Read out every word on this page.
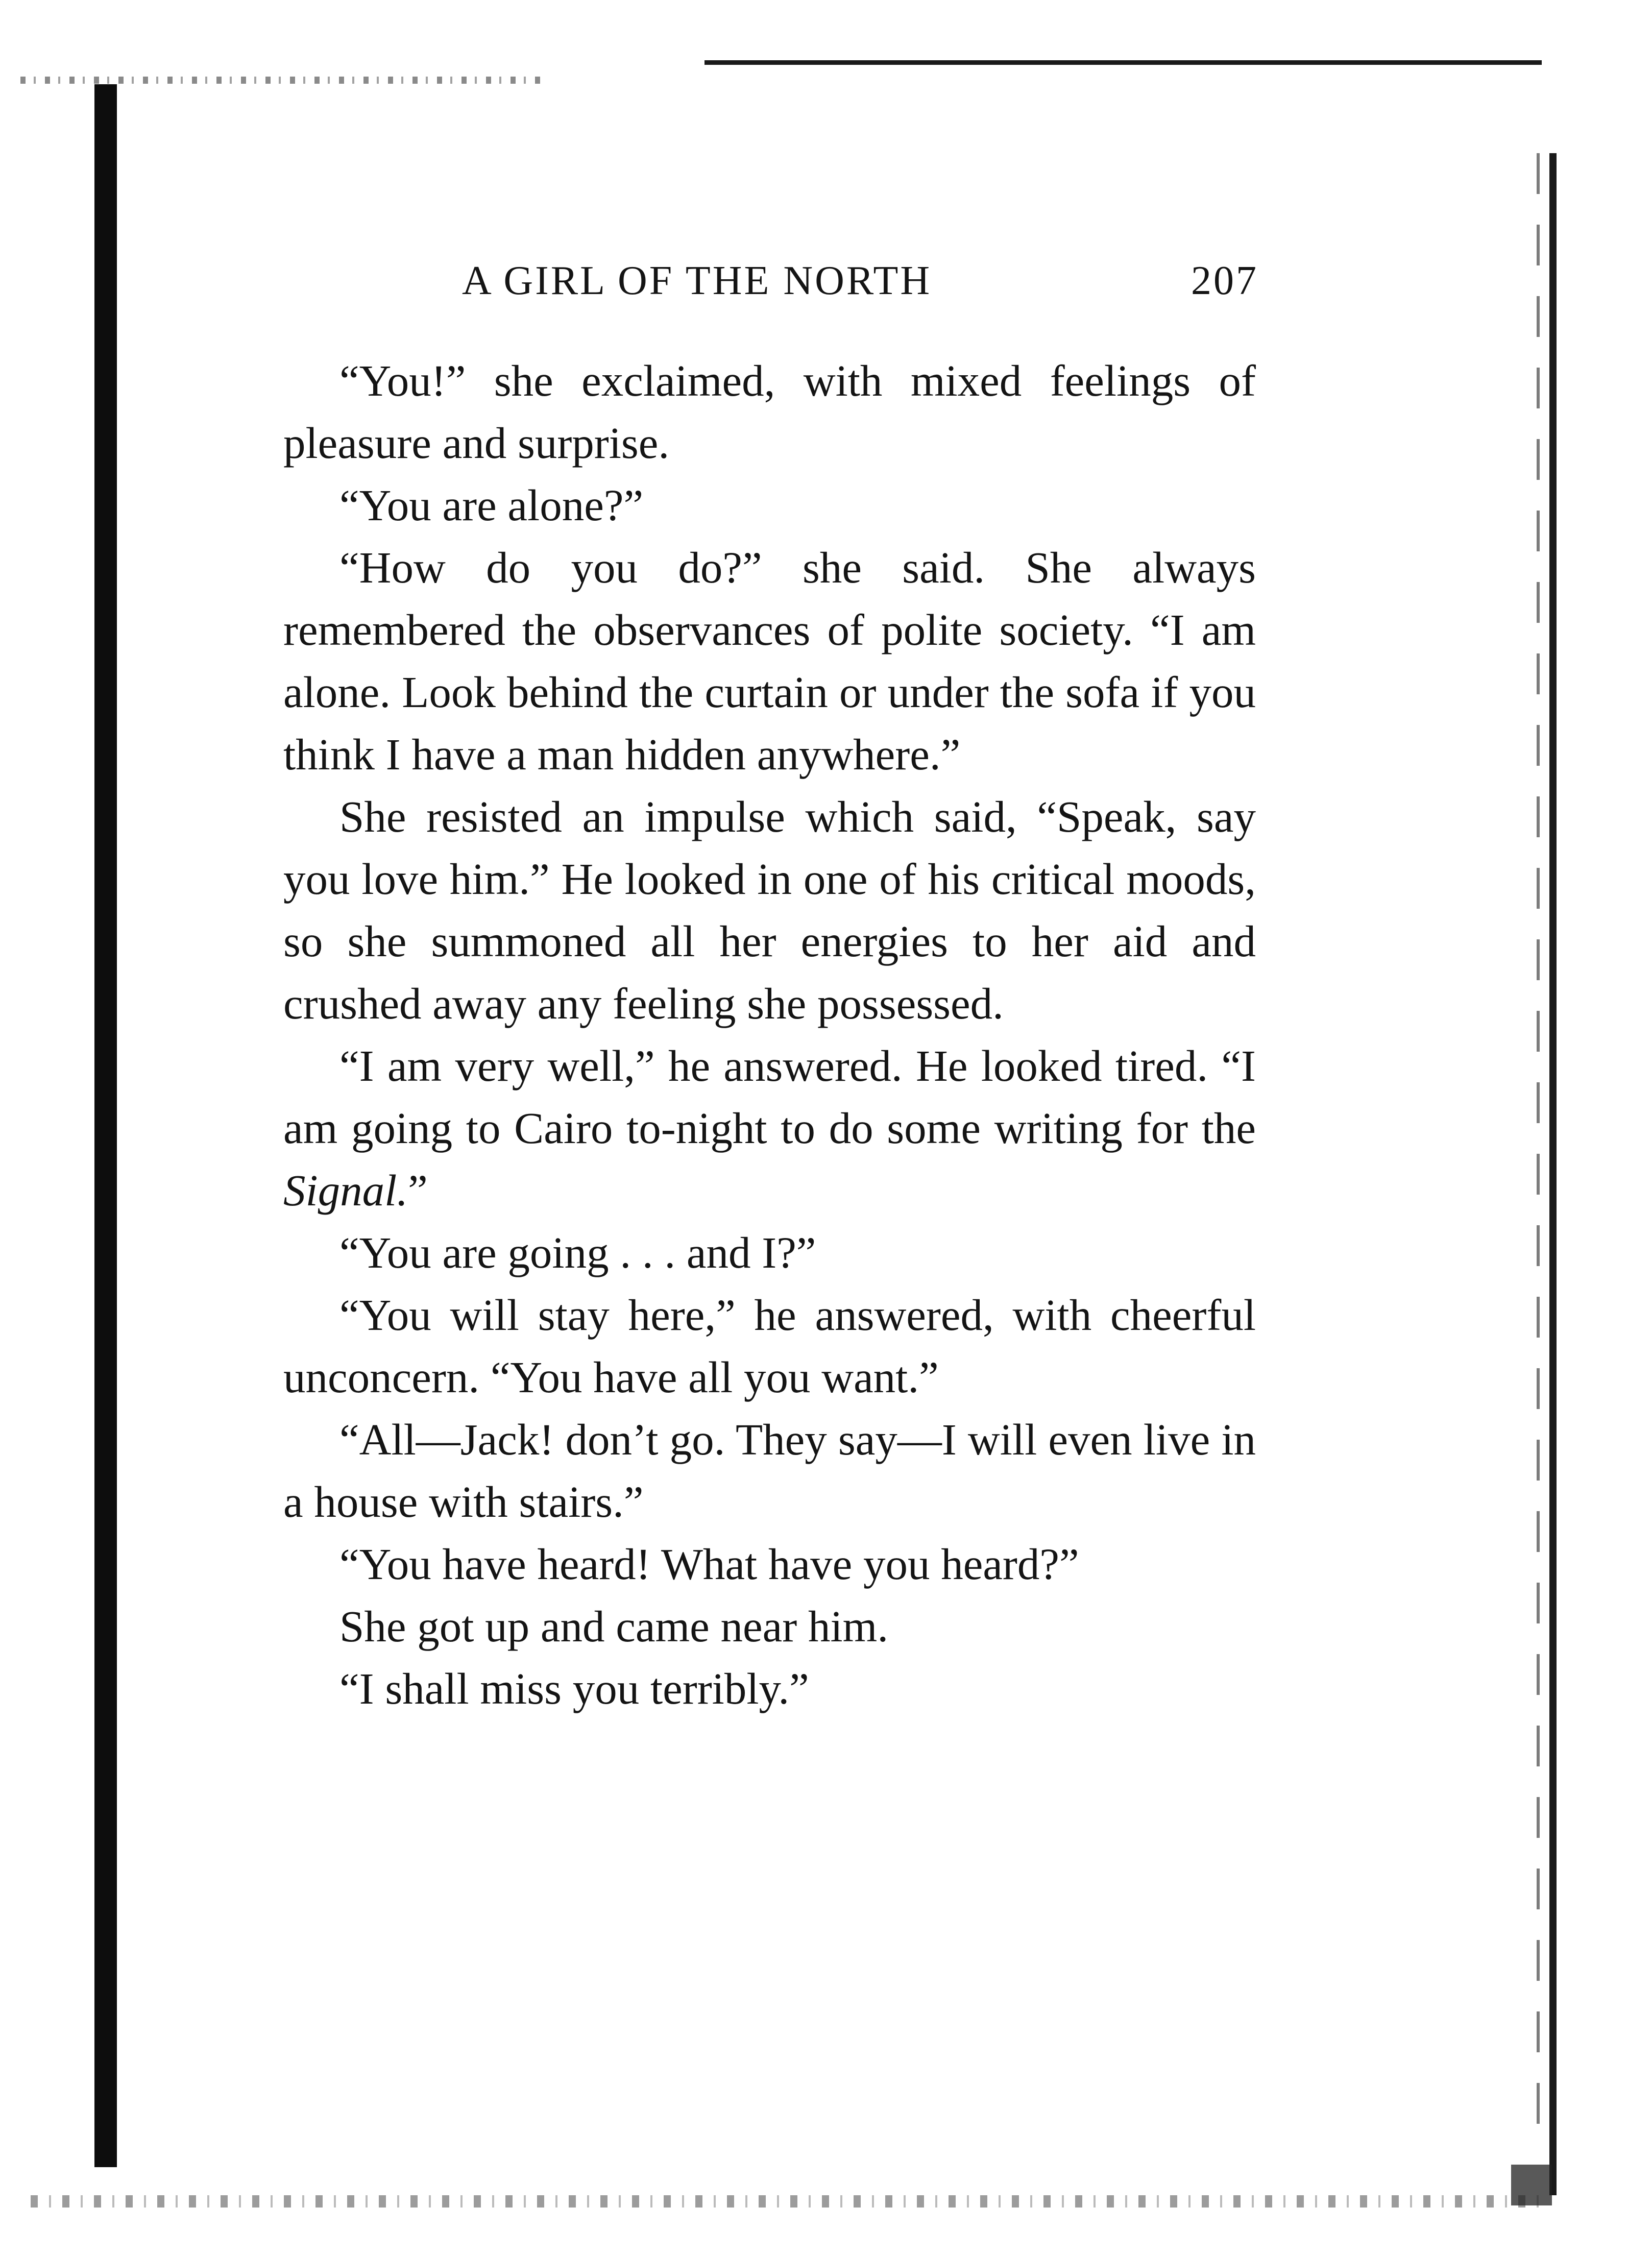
A GIRL OF THE NORTH	207

“You!” she exclaimed, with mixed feelings of pleasure and surprise.

“You are alone?”

“How do you do?” she said. She always remembered the observances of polite society. “I am alone. Look behind the curtain or under the sofa if you think I have a man hidden anywhere.”

She resisted an impulse which said, “Speak, say you love him.” He looked in one of his critical moods, so she summoned all her energies to her aid and crushed away any feeling she possessed.

“I am very well,” he answered. He looked tired. “I am going to Cairo to-night to do some writing for the Signal.”

“You are going . . . and I?”

“You will stay here,” he answered, with cheerful unconcern. “You have all you want.”

“All—Jack! don’t go. They say—I will even live in a house with stairs.”

“You have heard! What have you heard?”

She got up and came near him.

“I shall miss you terribly.”
